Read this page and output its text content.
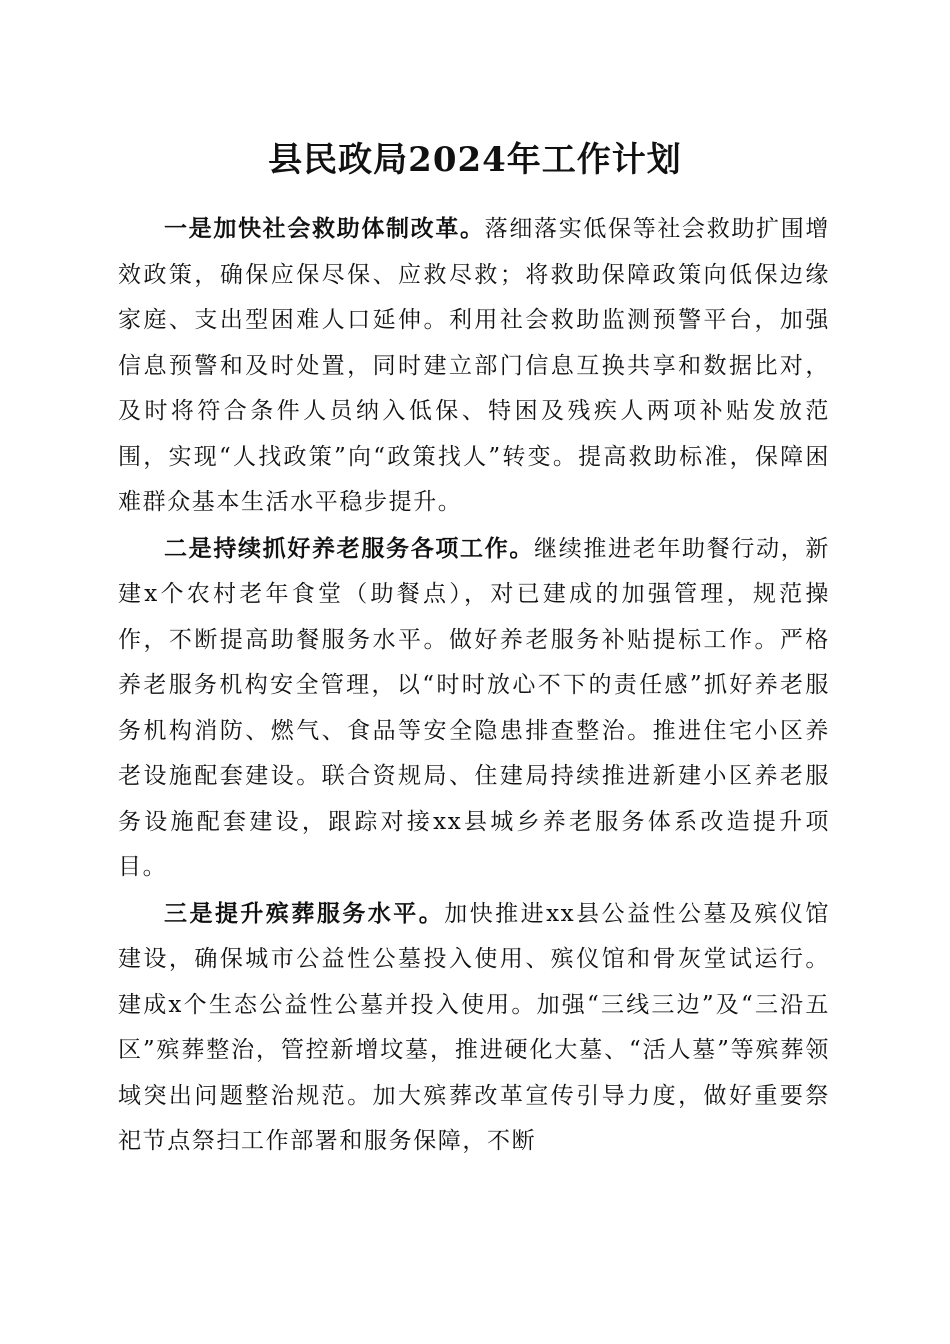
县民政局2024年工作计划

一是加快社会救助体制改革。落细落实低保等社会救助扩围增效政策，确保应保尽保、应救尽救；将救助保障政策向低保边缘家庭、支出型困难人口延伸。利用社会救助监测预警平台，加强信息预警和及时处置，同时建立部门信息互换共享和数据比对，及时将符合条件人员纳入低保、特困及残疾人两项补贴发放范围，实现“人找政策”向“政策找人”转变。提高救助标准，保障困难群众基本生活水平稳步提升。

二是持续抓好养老服务各项工作。继续推进老年助餐行动，新建x个农村老年食堂（助餐点），对已建成的加强管理，规范操作，不断提高助餐服务水平。做好养老服务补贴提标工作。严格养老服务机构安全管理，以“时时放心不下的责任感”抓好养老服务机构消防、燃气、食品等安全隐患排查整治。推进住宅小区养老设施配套建设。联合资规局、住建局持续推进新建小区养老服务设施配套建设，跟踪对接xx县城乡养老服务体系改造提升项目。

三是提升殡葬服务水平。加快推进xx县公益性公墓及殡仪馆建设，确保城市公益性公墓投入使用、殡仪馆和骨灰堂试运行。建成x个生态公益性公墓并投入使用。加强“三线三边”及“三沿五区”殡葬整治，管控新增坟墓，推进硬化大墓、“活人墓”等殡葬领域突出问题整治规范。加大殡葬改革宣传引导力度，做好重要祭祀节点祭扫工作部署和服务保障，不断
